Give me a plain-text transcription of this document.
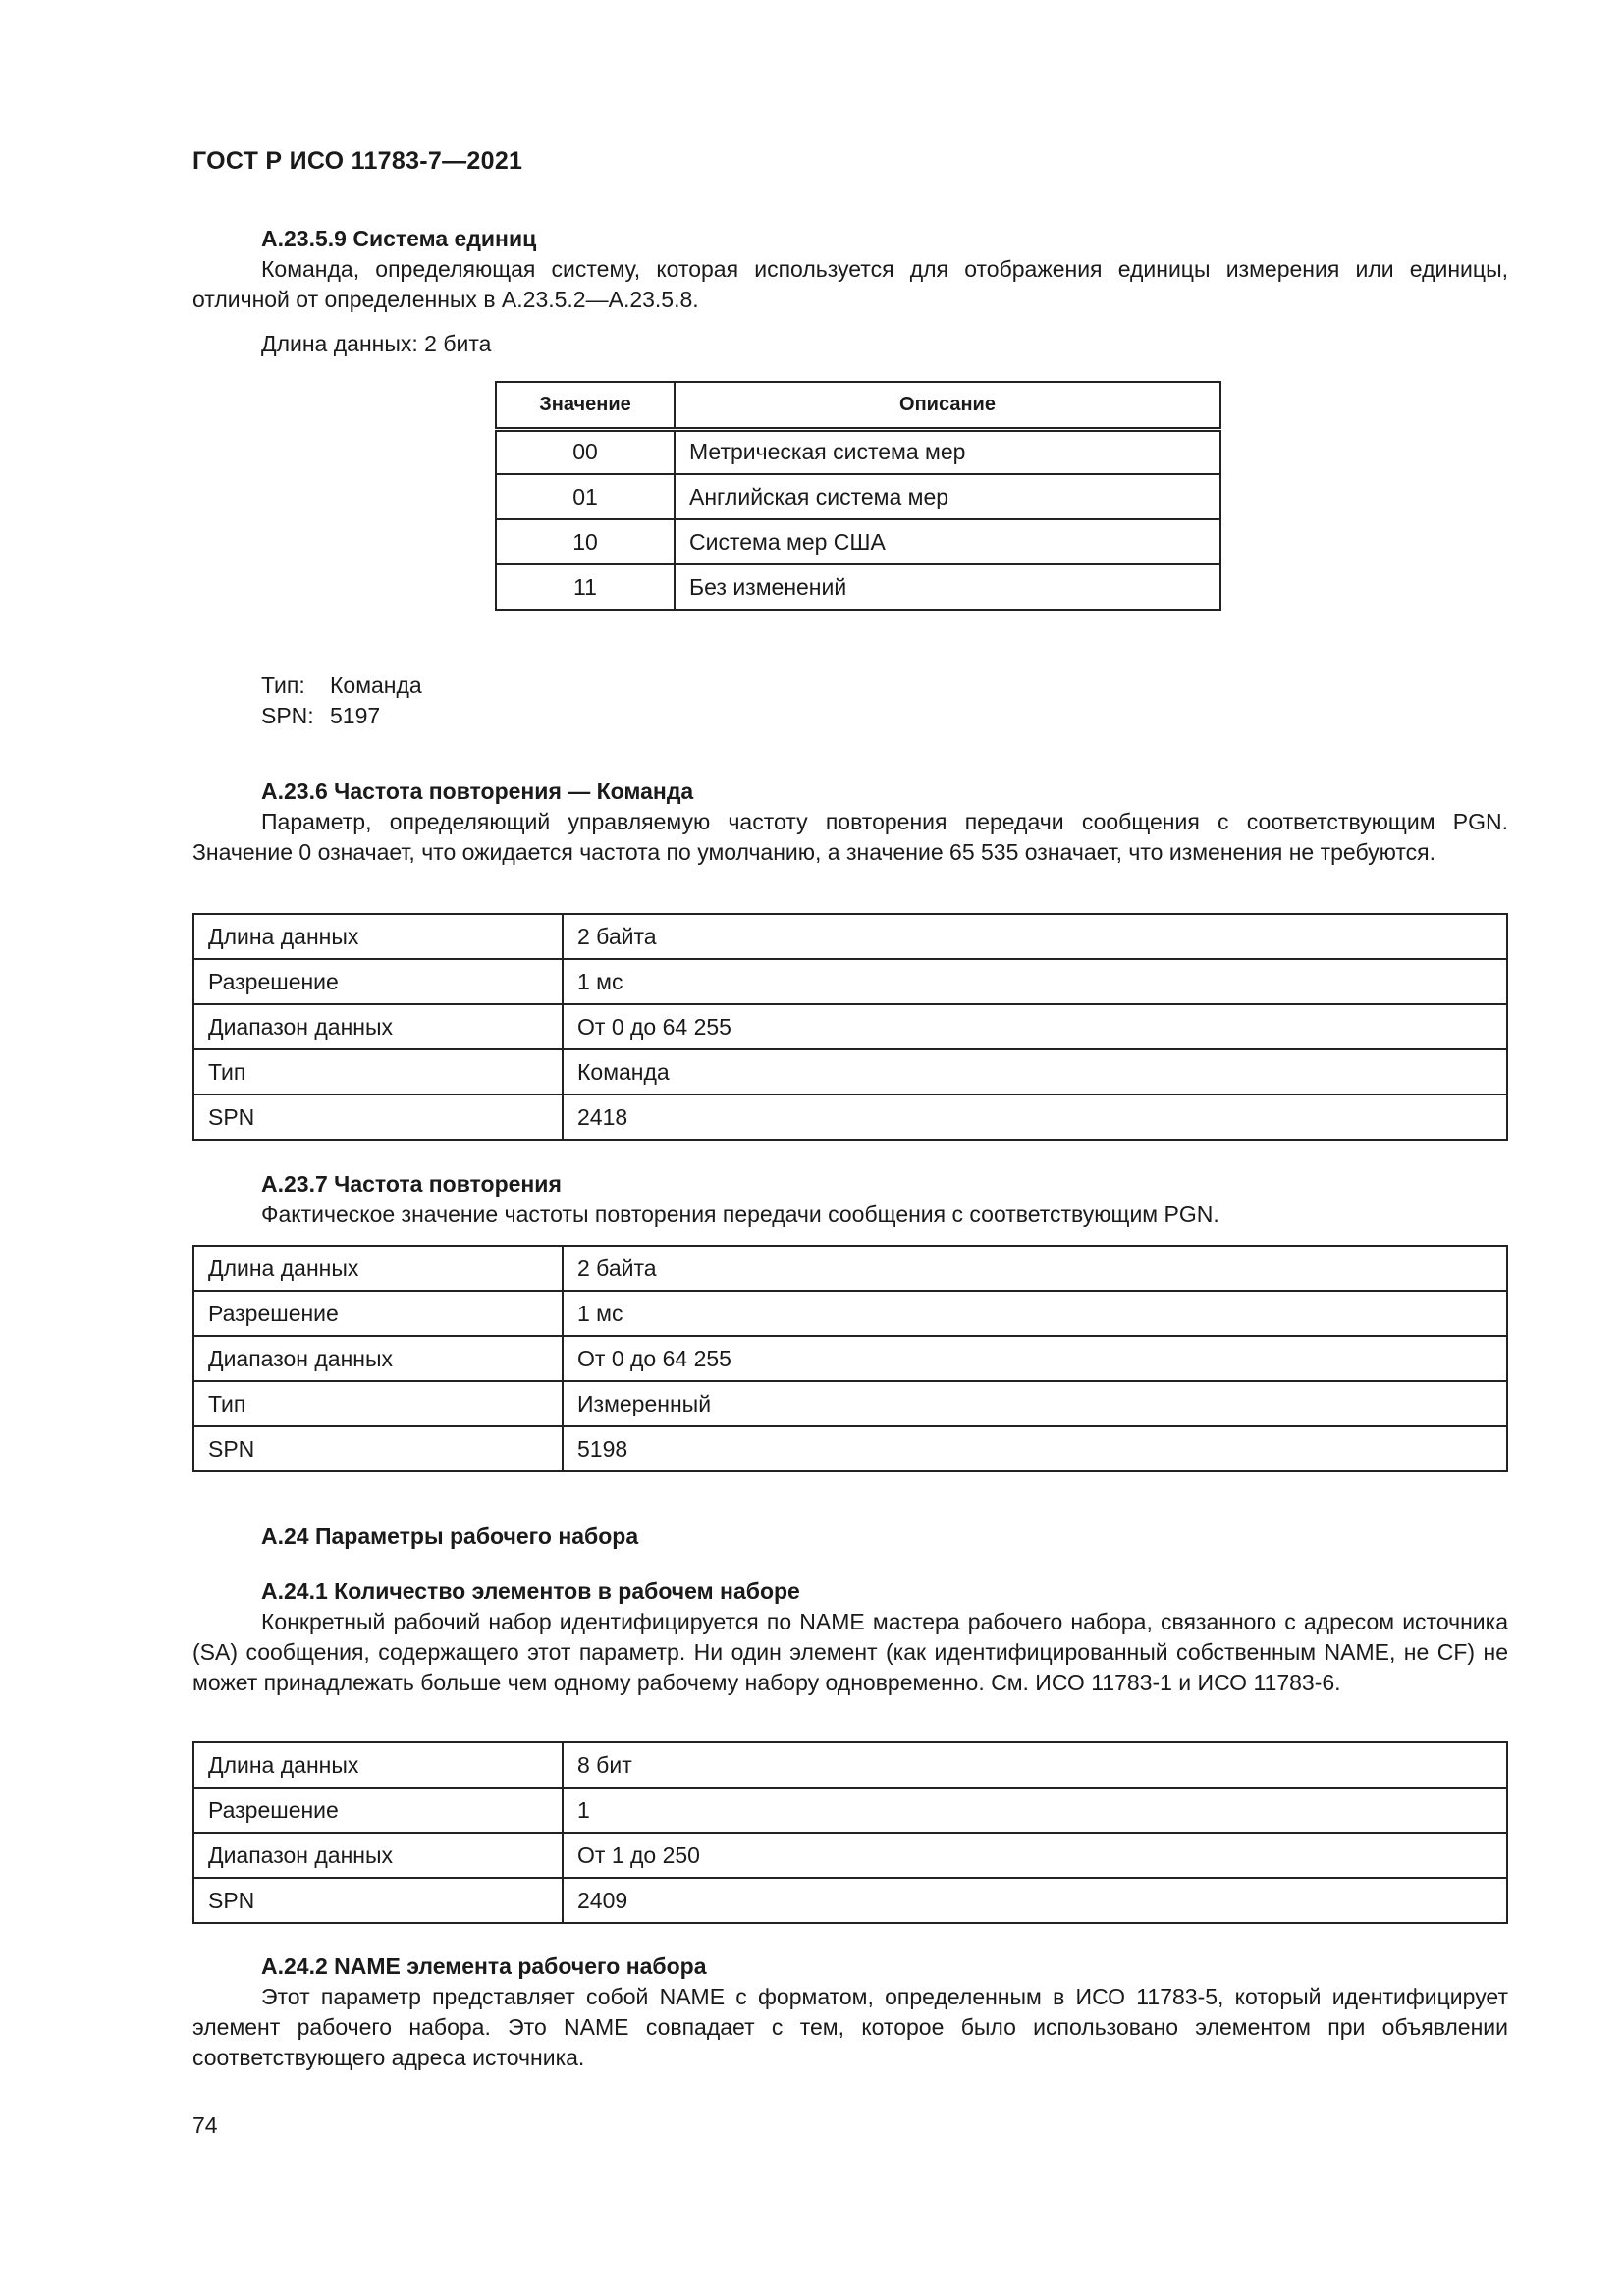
ГОСТ Р ИСО 11783-7—2021
А.23.5.9 Система единиц
Команда, определяющая систему, которая используется для отображения единицы измерения или единицы, отличной от определенных в А.23.5.2—А.23.5.8.
Длина данных: 2 бита
Значение	Описание
00	Метрическая система мер
01	Английская система мер
10	Система мер США
11	Без изменений
Тип:	Команда
SPN: 5197
А.23.6 Частота повторения — Команда
Параметр, определяющий управляемую частоту повторения передачи сообщения с соответствующим PGN. Значение 0 означает, что ожидается частота по умолчанию, а значение 65 535 означает, что изменения не требуются.
Длина данных	2 байта
Разрешение	1 мс
Диапазон данных	От 0 до 64 255
Тип	Команда
SPN	2418
А.23.7 Частота повторения
Фактическое значение частоты повторения передачи сообщения с соответствующим PGN.
Длина данных	2 байта
Разрешение	1 мс
Диапазон данных	От 0 до 64 255
Тип	Измеренный
SPN	5198
А.24 Параметры рабочего набора
А.24.1 Количество элементов в рабочем наборе
Конкретный рабочий набор идентифицируется по NAME мастера рабочего набора, связанного с адресом источника (SA) сообщения, содержащего этот параметр. Ни один элемент (как идентифицированный собственным NAME, не CF) не может принадлежать больше чем одному рабочему набору одновременно. См. ИСО 11783-1 и ИСО 11783-6.
Длина данных	8 бит
Разрешение	1
Диапазон данных	От 1 до 250
SPN	2409
А.24.2 NAME элемента рабочего набора
Этот параметр представляет собой NAME с форматом, определенным в ИСО 11783-5, который идентифицирует элемент рабочего набора. Это NAME совпадает с тем, которое было использовано элементом при объявлении соответствующего адреса источника.
74
